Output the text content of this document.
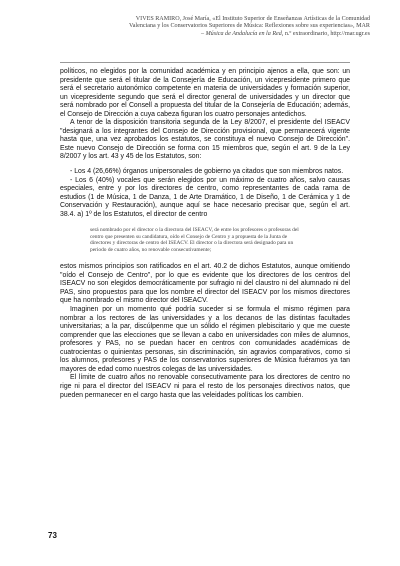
VIVES RAMIRO, José María, «El Instituto Superior de Enseñanzas Artísticas de la Comunidad
Valenciana y los Conservatorios Superiores de Música: Reflexiones sobre sus experiencias», MAR
– Música de Andalucía en la Red, n.º extraordinario, http://mar.ugr.es

políticos, no elegidos por la comunidad académica y en principio ajenos a ella, que son: un presidente que será el titular de la Consejería de Educación, un vicepresidente primero que será el secretario autonómico competente en materia de universidades y formación superior, un vicepresidente segundo que será el director general de universidades y un director que será nombrado por el Consell a propuesta del titular de la Consejería de Educación; además, el Consejo de Dirección a cuya cabeza figuran los cuatro personajes antedichos.

A tenor de la disposición transitoria segunda de la Ley 8/2007, el presidente del ISEACV "designará a los integrantes del Consejo de Dirección provisional, que permanecerá vigente hasta que, una vez aprobados los estatutos, se constituya el nuevo Consejo de Dirección". Este nuevo Consejo de Dirección se forma con 15 miembros que, según el art. 9 de la Ley 8/2007 y los art. 43 y 45 de los Estatutos, son:

- Los 4 (26,66%) órganos unipersonales de gobierno ya citados que son miembros natos.

- Los 6 (40%) vocales que serán elegidos por un máximo de cuatro años, salvo causas especiales, entre y por los directores de centro, como representantes de cada rama de estudios (1 de Música, 1 de Danza, 1 de Arte Dramático, 1 de Diseño, 1 de Cerámica y 1 de Conservación y Restauración), aunque aquí se hace necesario precisar que, según el art. 38.4. a) 1º de los Estatutos, el director de centro

será nombrado por el director o la directora del ISEACV, de entre los profesores o profesoras del centro que presenten su candidatura, oído el Consejo de Centro y a propuesta de la Junta de directores y directoras de centro del ISEACV. El director o la directora será designado para un periodo de cuatro años, no renovable consecutivamente;

estos mismos principios son ratificados en el art. 40.2 de dichos Estatutos, aunque omitiendo "oído el Consejo de Centro", por lo que es evidente que los directores de los centros del ISEACV no son elegidos democráticamente por sufragio ni del claustro ni del alumnado ni del PAS, sino propuestos para que los nombre el director del ISEACV por los mismos directores que ha nombrado el mismo director del ISEACV.

Imaginen por un momento qué podría suceder si se formula el mismo régimen para nombrar a los rectores de las universidades y a los decanos de las distintas facultades universitarias; a la par, discúlpenme que un sólido el régimen plebiscitario y que me cueste comprender que las elecciones que se llevan a cabo en universidades con miles de alumnos, profesores y PAS, no se puedan hacer en centros con comunidades académicas de cuatrocientas o quinientas personas, sin discriminación, sin agravios comparativos, como si los alumnos, profesores y PAS de los conservatorios superiores de Música fuéramos ya tan mayores de edad como nuestros colegas de las universidades.

El límite de cuatro años no renovable consecutivamente para los directores de centro no rige ni para el director del ISEACV ni para el resto de los personajes directivos natos, que pueden permanecer en el cargo hasta que las veleidades políticas los cambien.

73
